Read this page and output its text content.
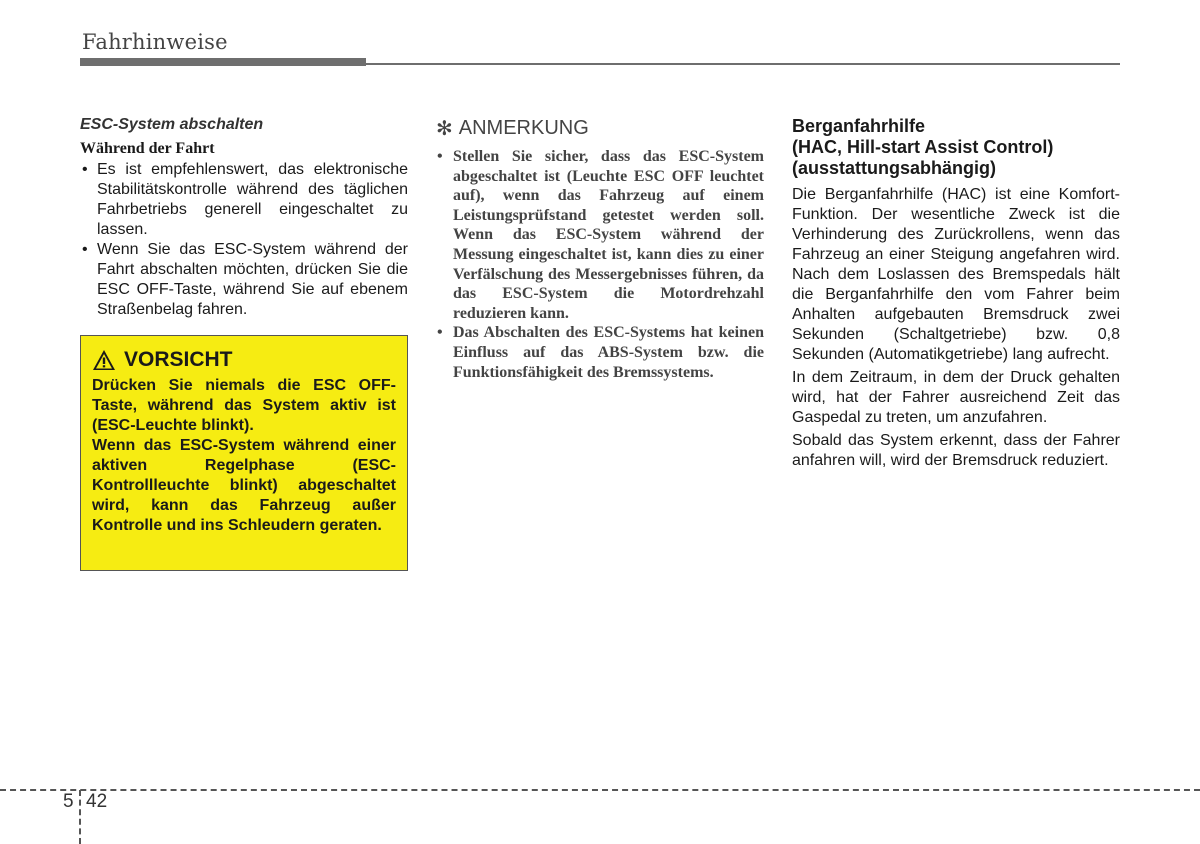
Fahrhinweise

ESC-System abschalten

Während der Fahrt

• Es ist empfehlenswert, das elektronische Stabilitätskontrolle während des täglichen Fahrbetriebs generell eingeschaltet zu lassen.
• Wenn Sie das ESC-System während der Fahrt abschalten möchten, drücken Sie die ESC OFF-Taste, während Sie auf ebenem Straßenbelag fahren.
VORSICHT

Drücken Sie niemals die ESC OFF-Taste, während das System aktiv ist (ESC-Leuchte blinkt).

Wenn das ESC-System während einer aktiven Regelphase (ESC-Kontrollleuchte blinkt) abgeschaltet wird, kann das Fahrzeug außer Kontrolle und ins Schleudern geraten.

✻ ANMERKUNG
• Stellen Sie sicher, dass das ESC-System abgeschaltet ist (Leuchte ESC OFF leuchtet auf), wenn das Fahrzeug auf einem Leistungsprüfstand getestet werden soll. Wenn das ESC-System während der Messung eingeschaltet ist, kann dies zu einer Verfälschung des Messergebnisses führen, da das ESC-System die Motordrehzahl reduzieren kann.
• Das Abschalten des ESC-Systems hat keinen Einfluss auf das ABS-System bzw. die Funktionsfähigkeit des Bremssystems.
Berganfahrhilfe
(HAC, Hill-start Assist Control)
(ausstattungsabhängig)

Die Berganfahrhilfe (HAC) ist eine Komfort-Funktion. Der wesentliche Zweck ist die Verhinderung des Zurückrollens, wenn das Fahrzeug an einer Steigung angefahren wird. Nach dem Loslassen des Bremspedals hält die Berganfahrhilfe den vom Fahrer beim Anhalten aufgebauten Bremsdruck zwei Sekunden (Schaltgetriebe) bzw. 0,8 Sekunden (Automatikgetriebe) lang aufrecht.

In dem Zeitraum, in dem der Druck gehalten wird, hat der Fahrer ausreichend Zeit das Gaspedal zu treten, um anzufahren.

Sobald das System erkennt, dass der Fahrer anfahren will, wird der Bremsdruck reduziert.

5 42
